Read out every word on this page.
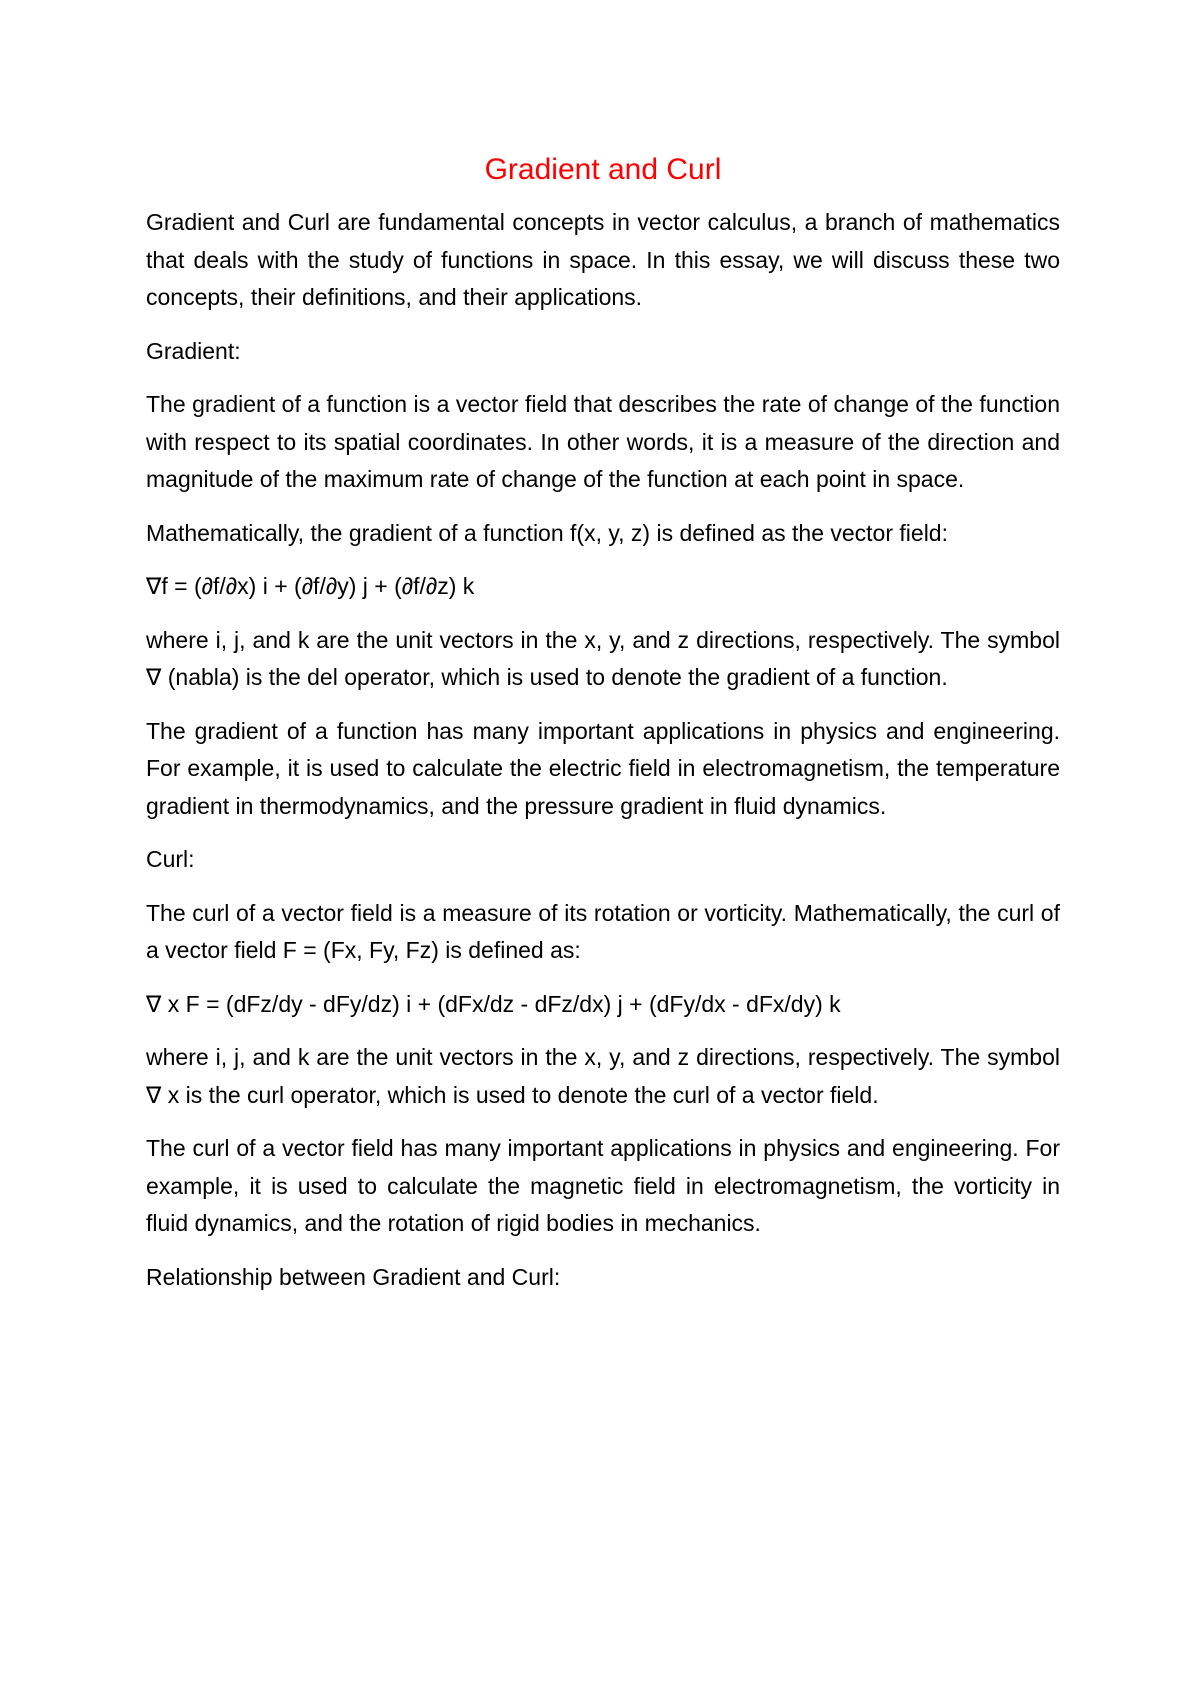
Gradient and Curl
Gradient and Curl are fundamental concepts in vector calculus, a branch of mathematics that deals with the study of functions in space. In this essay, we will discuss these two concepts, their definitions, and their applications.
Gradient:
The gradient of a function is a vector field that describes the rate of change of the function with respect to its spatial coordinates. In other words, it is a measure of the direction and magnitude of the maximum rate of change of the function at each point in space.
Mathematically, the gradient of a function f(x, y, z) is defined as the vector field:
∇f = (∂f/∂x) i + (∂f/∂y) j + (∂f/∂z) k
where i, j, and k are the unit vectors in the x, y, and z directions, respectively. The symbol ∇ (nabla) is the del operator, which is used to denote the gradient of a function.
The gradient of a function has many important applications in physics and engineering. For example, it is used to calculate the electric field in electromagnetism, the temperature gradient in thermodynamics, and the pressure gradient in fluid dynamics.
Curl:
The curl of a vector field is a measure of its rotation or vorticity. Mathematically, the curl of a vector field F = (Fx, Fy, Fz) is defined as:
∇ x F = (dFz/dy - dFy/dz) i + (dFx/dz - dFz/dx) j + (dFy/dx - dFx/dy) k
where i, j, and k are the unit vectors in the x, y, and z directions, respectively. The symbol ∇ x is the curl operator, which is used to denote the curl of a vector field.
The curl of a vector field has many important applications in physics and engineering. For example, it is used to calculate the magnetic field in electromagnetism, the vorticity in fluid dynamics, and the rotation of rigid bodies in mechanics.
Relationship between Gradient and Curl:
